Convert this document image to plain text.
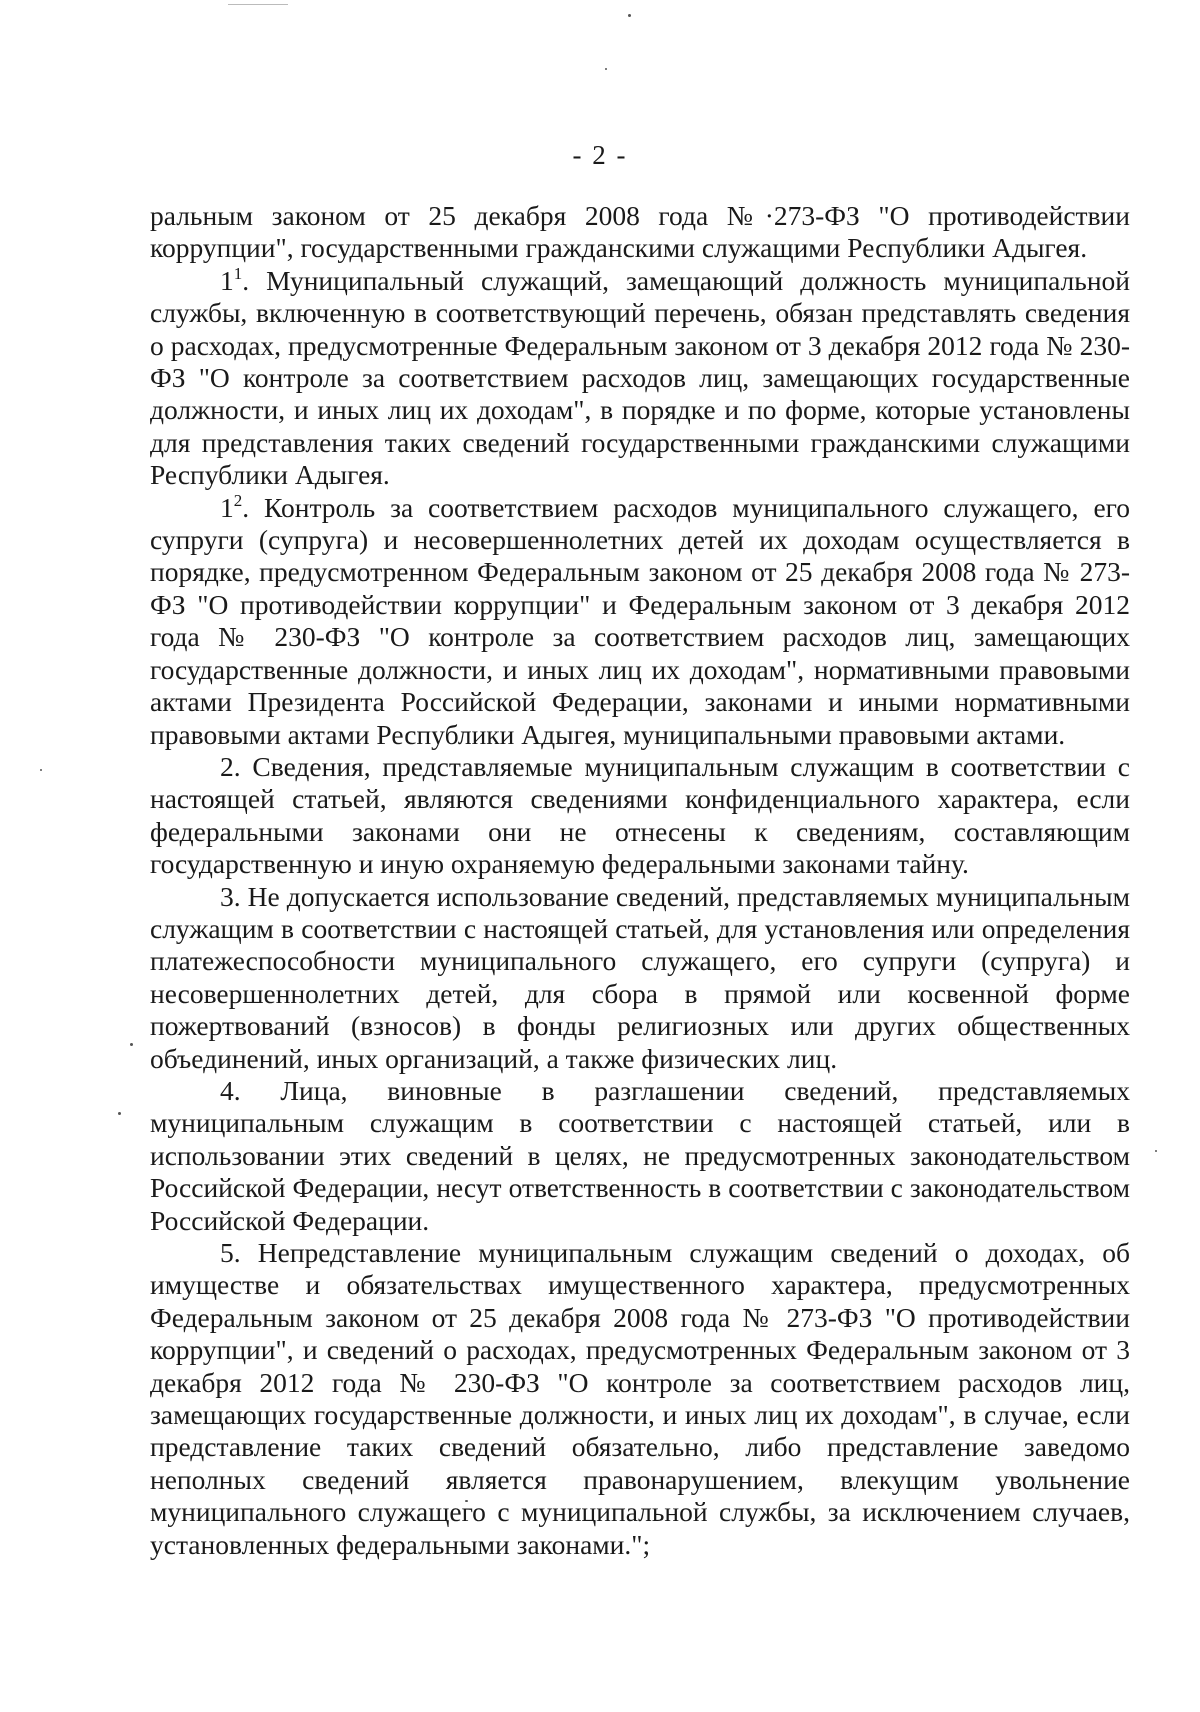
- 2 -

ральным законом от 25 декабря 2008 года №·273-ФЗ "О противодействии коррупции", государственными гражданскими служащими Республики Адыгея.

$1^1$. Муниципальный служащий, замещающий должность муниципальной службы, включенную в соответствующий перечень, обязан представлять сведения о расходах, предусмотренные Федеральным законом от 3 декабря 2012 года № 230-ФЗ "О контроле за соответствием расходов лиц, замещающих государственные должности, и иных лиц их доходам", в порядке и по форме, которые установлены для представления таких сведений государственными гражданскими служащими Республики Адыгея.

$1^2$. Контроль за соответствием расходов муниципального служащего, его супруги (супруга) и несовершеннолетних детей их доходам осуществляется в порядке, предусмотренном Федеральным законом от 25 декабря 2008 года № 273-ФЗ "О противодействии коррупции" и Федеральным законом от 3 декабря 2012 года № 230-ФЗ "О контроле за соответствием расходов лиц, замещающих государственные должности, и иных лиц их доходам", нормативными правовыми актами Президента Российской Федерации, законами и иными нормативными правовыми актами Республики Адыгея, муниципальными правовыми актами.

2. Сведения, представляемые муниципальным служащим в соответствии с настоящей статьей, являются сведениями конфиденциального характера, если федеральными законами они не отнесены к сведениям, составляющим государственную и иную охраняемую федеральными законами тайну.

3. Не допускается использование сведений, представляемых муниципальным служащим в соответствии с настоящей статьей, для установления или определения платежеспособности муниципального служащего, его супруги (супруга) и несовершеннолетних детей, для сбора в прямой или косвенной форме пожертвований (взносов) в фонды религиозных или других общественных объединений, иных организаций, а также физических лиц.

4. Лица, виновные в разглашении сведений, представляемых муниципальным служащим в соответствии с настоящей статьей, или в использовании этих сведений в целях, не предусмотренных законодательством Российской Федерации, несут ответственность в соответствии с законодательством Российской Федерации.

5. Непредставление муниципальным служащим сведений о доходах, об имуществе и обязательствах имущественного характера, предусмотренных Федеральным законом от 25 декабря 2008 года № 273-ФЗ "О противодействии коррупции", и сведений о расходах, предусмотренных Федеральным законом от 3 декабря 2012 года № 230-ФЗ "О контроле за соответствием расходов лиц, замещающих государственные должности, и иных лиц их доходам", в случае, если представление таких сведений обязательно, либо представление заведомо неполных сведений является правонарушением, влекущим увольнение муниципального служащего с муниципальной службы, за исключением случаев, установленных федеральными законами.";
